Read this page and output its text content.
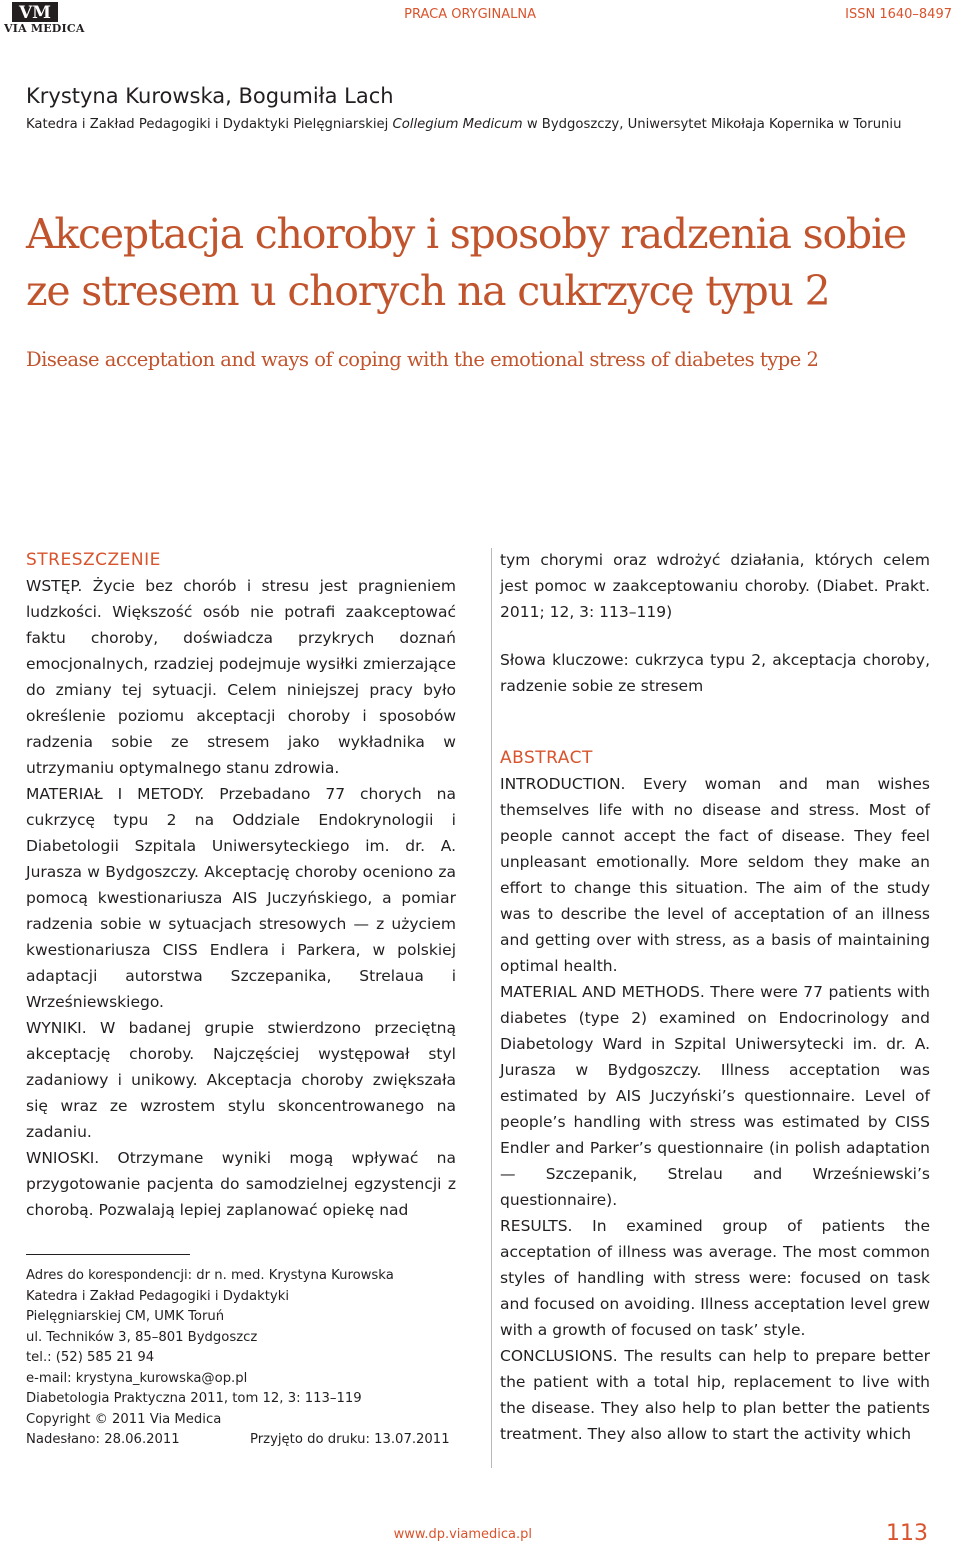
VM
VIA MEDICA
PRACA ORYGINALNA	ISSN 1640–8497
Krystyna Kurowska, Bogumiła Lach
Katedra i Zakład Pedagogiki i Dydaktyki Pielęgniarskiej Collegium Medicum w Bydgoszczy, Uniwersytet Mikołaja Kopernika w Toruniu
Akceptacja choroby i sposoby radzenia sobie
ze stresem u chorych na cukrzycę typu 2
Disease acceptation and ways of coping with the emotional stress of diabetes type 2

STRESZCZENIE

WSTĘP. Życie bez chorób i stresu jest pragnieniem ludzkości. Większość osób nie potrafi zaakceptować faktu choroby, doświadcza przykrych doznań emocjonalnych, rzadziej podejmuje wysiłki zmierzające do zmiany tej sytuacji. Celem niniejszej pracy było określenie poziomu akceptacji choroby i sposobów radzenia sobie ze stresem jako wykładnika w utrzymaniu optymalnego stanu zdrowia.

MATERIAŁ I METODY. Przebadano 77 chorych na cukrzycę typu 2 na Oddziale Endokrynologii i Diabetologii Szpitala Uniwersyteckiego im. dr. A. Jurasza w Bydgoszczy. Akceptację choroby oceniono za pomocą kwestionariusza AIS Juczyńskiego, a pomiar radzenia sobie w sytuacjach stresowych — z użyciem kwestionariusza CISS Endlera i Parkera, w polskiej adaptacji autorstwa Szczepanika, Strelaua i Wrześniewskiego.

WYNIKI. W badanej grupie stwierdzono przeciętną akceptację choroby. Najczęściej występował styl zadaniowy i unikowy. Akceptacja choroby zwiększała się wraz ze wzrostem stylu skoncentrowanego na zadaniu.

WNIOSKI. Otrzymane wyniki mogą wpływać na przygotowanie pacjenta do samodzielnej egzystencji z chorobą. Pozwalają lepiej zaplanować opiekę nad

Adres do korespondencji: dr n. med. Krystyna Kurowska
Katedra i Zakład Pedagogiki i Dydaktyki
Pielęgniarskiej CM, UMK Toruń
ul. Techników 3, 85–801 Bydgoszcz
tel.: (52) 585 21 94
e-mail: krystyna_kurowska@op.pl
Diabetologia Praktyczna 2011, tom 12, 3: 113–119
Copyright © 2011 Via Medica
Nadesłano: 28.06.2011	Przyjęto do druku: 13.07.2011

tym chorymi oraz wdrożyć działania, których celem jest pomoc w zaakceptowaniu choroby. (Diabet. Prakt. 2011; 12, 3: 113–119)

Słowa kluczowe: cukrzyca typu 2, akceptacja choroby, radzenie sobie ze stresem

ABSTRACT

INTRODUCTION. Every woman and man wishes themselves life with no disease and stress. Most of people cannot accept the fact of disease. They feel unpleasant emotionally. More seldom they make an effort to change this situation. The aim of the study was to describe the level of acceptation of an illness and getting over with stress, as a basis of maintaining optimal health.

MATERIAL AND METHODS. There were 77 patients with diabetes (type 2) examined on Endocrinology and Diabetology Ward in Szpital Uniwersytecki im. dr. A. Jurasza w Bydgoszczy. Illness acceptation was estimated by AIS Juczyński’s questionnaire. Level of people’s handling with stress was estimated by CISS Endler and Parker’s questionnaire (in polish adaptation — Szczepanik, Strelau and Wrześniewski’s questionnaire).

RESULTS. In examined group of patients the acceptation of illness was average. The most common styles of handling with stress were: focused on task and focused on avoiding. Illness acceptation level grew with a growth of focused on task’ style.

CONCLUSIONS. The results can help to prepare better the patient with a total hip, replacement to live with the disease. They also help to plan better the patients treatment. They also allow to start the activity which

www.dp.viamedica.pl	113
